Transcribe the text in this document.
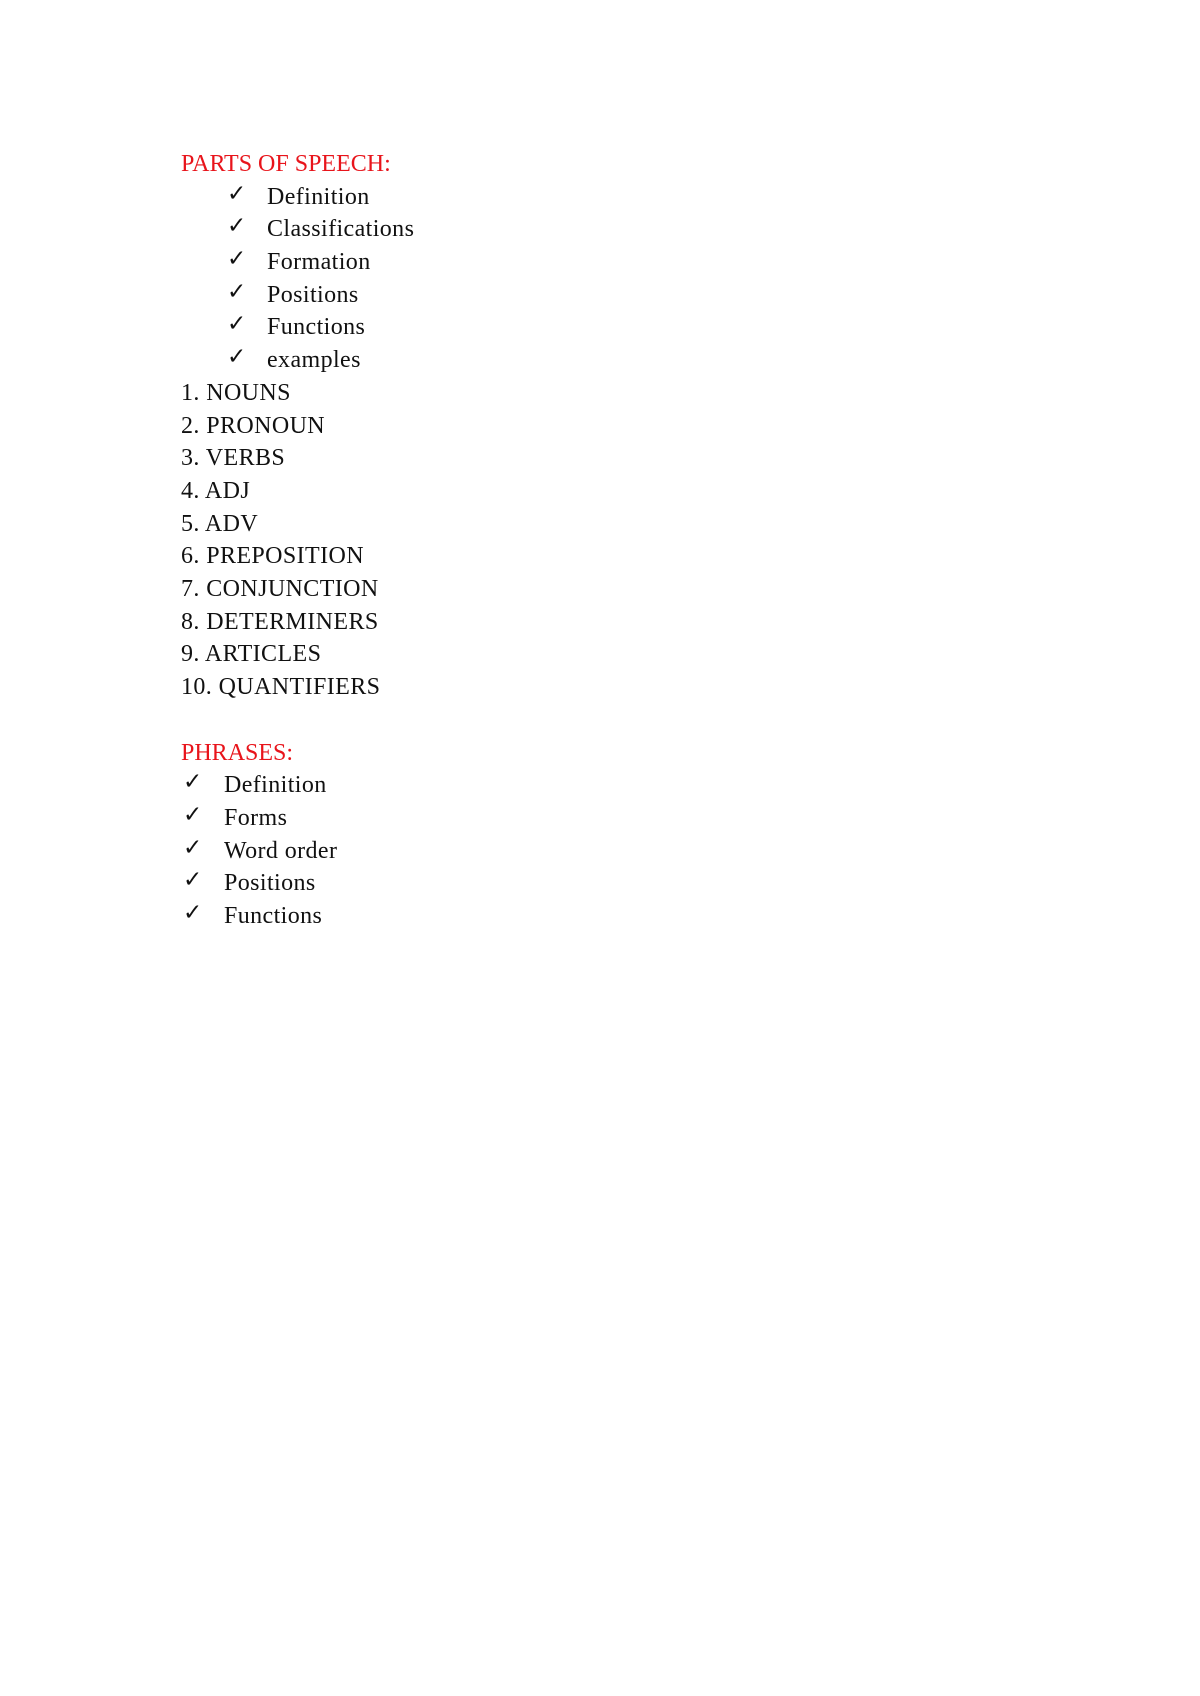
PARTS OF SPEECH:
✓ Definition
✓ Classifications
✓ Formation
✓ Positions
✓ Functions
✓ examples
1. NOUNS
2. PRONOUN
3. VERBS
4. ADJ
5. ADV
6. PREPOSITION
7. CONJUNCTION
8. DETERMINERS
9. ARTICLES
10. QUANTIFIERS
PHRASES:
✓ Definition
✓ Forms
✓ Word order
✓ Positions
✓ Functions
